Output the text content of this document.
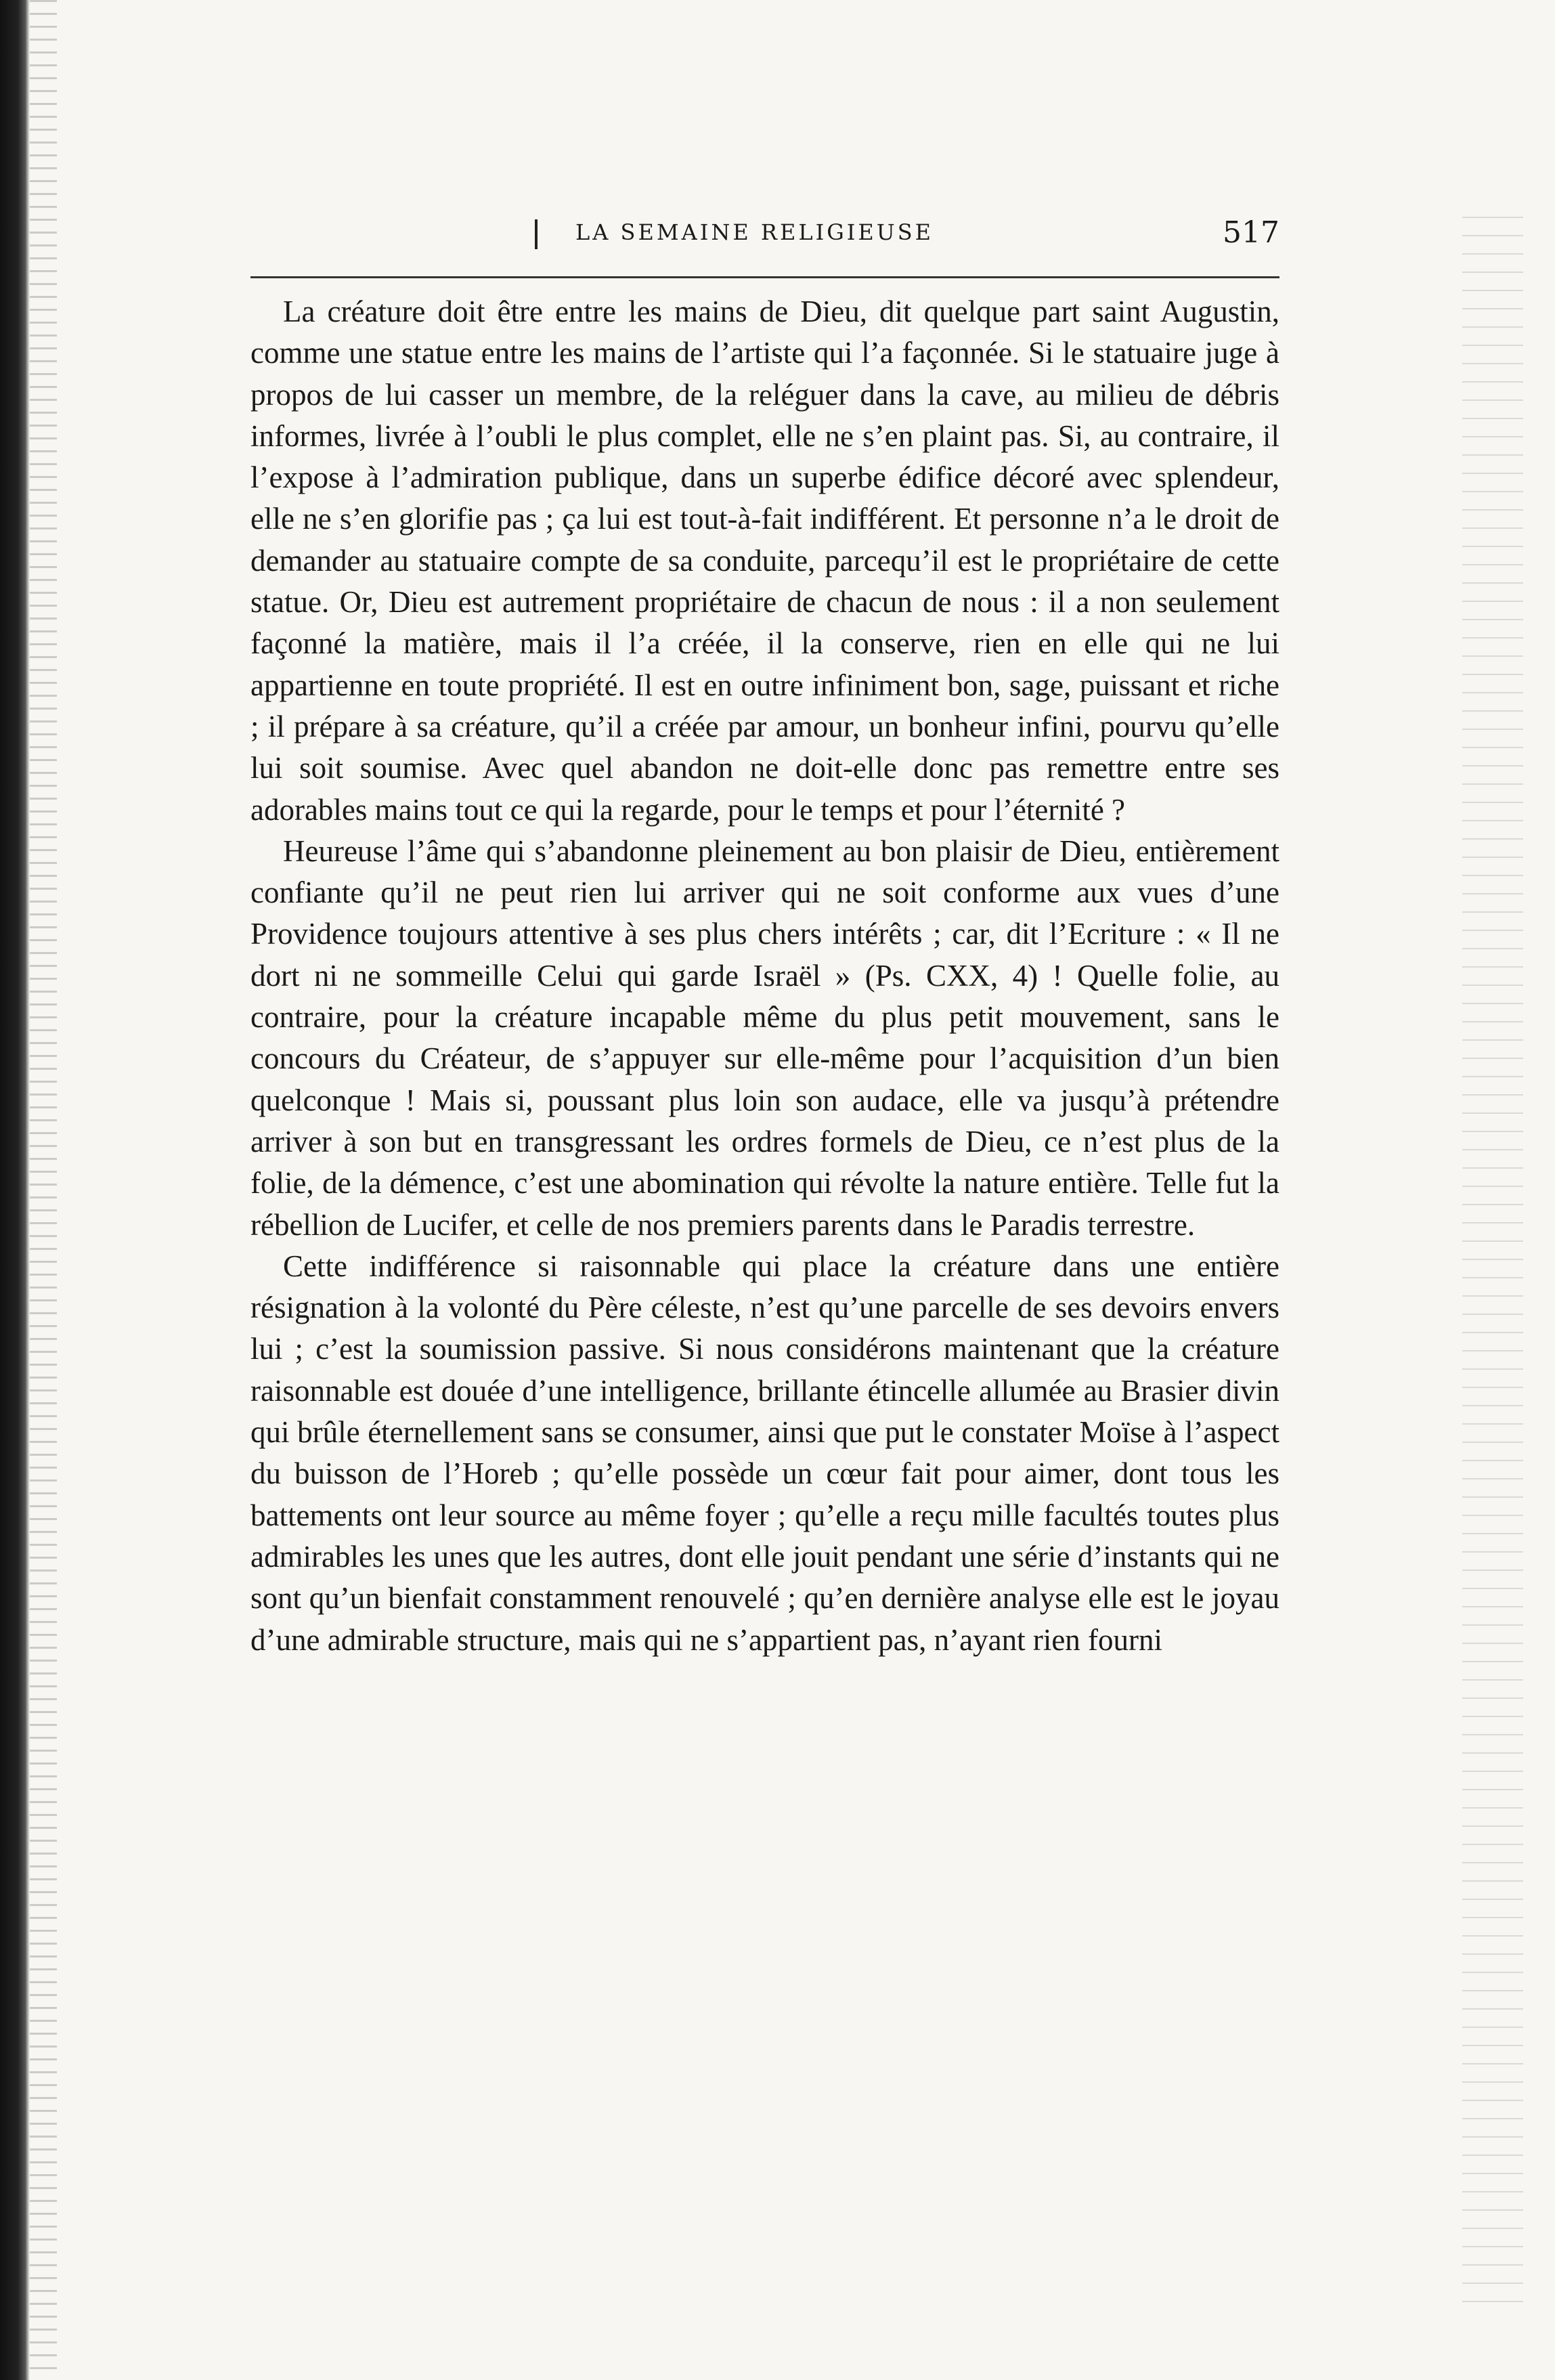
LA SEMAINE RELIGIEUSE	517

La créature doit être entre les mains de Dieu, dit quelque part saint Augustin, comme une statue entre les mains de l’artiste qui l’a façonnée. Si le statuaire juge à propos de lui casser un membre, de la reléguer dans la cave, au milieu de débris informes, livrée à l’oubli le plus complet, elle ne s’en plaint pas. Si, au contraire, il l’expose à l’admiration publique, dans un superbe édifice décoré avec splendeur, elle ne s’en glorifie pas ; ça lui est tout-à-fait indifférent. Et personne n’a le droit de demander au statuaire compte de sa conduite, parcequ’il est le propriétaire de cette statue. Or, Dieu est autrement propriétaire de chacun de nous : il a non seulement façonné la matière, mais il l’a créée, il la conserve, rien en elle qui ne lui appartienne en toute propriété. Il est en outre infiniment bon, sage, puissant et riche ; il prépare à sa créature, qu’il a créée par amour, un bonheur infini, pourvu qu’elle lui soit soumise. Avec quel abandon ne doit-elle donc pas remettre entre ses adorables mains tout ce qui la regarde, pour le temps et pour l’éternité ?

Heureuse l’âme qui s’abandonne pleinement au bon plaisir de Dieu, entièrement confiante qu’il ne peut rien lui arriver qui ne soit conforme aux vues d’une Providence toujours attentive à ses plus chers intérêts ; car, dit l’Ecriture : « Il ne dort ni ne sommeille Celui qui garde Israël » (Ps. CXX, 4) ! Quelle folie, au contraire, pour la créature incapable même du plus petit mouvement, sans le concours du Créateur, de s’appuyer sur elle-même pour l’acquisition d’un bien quelconque ! Mais si, poussant plus loin son audace, elle va jusqu’à prétendre arriver à son but en transgressant les ordres formels de Dieu, ce n’est plus de la folie, de la démence, c’est une abomination qui révolte la nature entière. Telle fut la rébellion de Lucifer, et celle de nos premiers parents dans le Paradis terrestre.

Cette indifférence si raisonnable qui place la créature dans une entière résignation à la volonté du Père céleste, n’est qu’une parcelle de ses devoirs envers lui ; c’est la soumission passive. Si nous considérons maintenant que la créature raisonnable est douée d’une intelligence, brillante étincelle allumée au Brasier divin qui brûle éternellement sans se consumer, ainsi que put le constater Moïse à l’aspect du buisson de l’Horeb ; qu’elle possède un cœur fait pour aimer, dont tous les battements ont leur source au même foyer ; qu’elle a reçu mille facultés toutes plus admirables les unes que les autres, dont elle jouit pendant une série d’instants qui ne sont qu’un bienfait constamment renouvelé ; qu’en dernière analyse elle est le joyau d’une admirable structure, mais qui ne s’appartient pas, n’ayant rien fourni
